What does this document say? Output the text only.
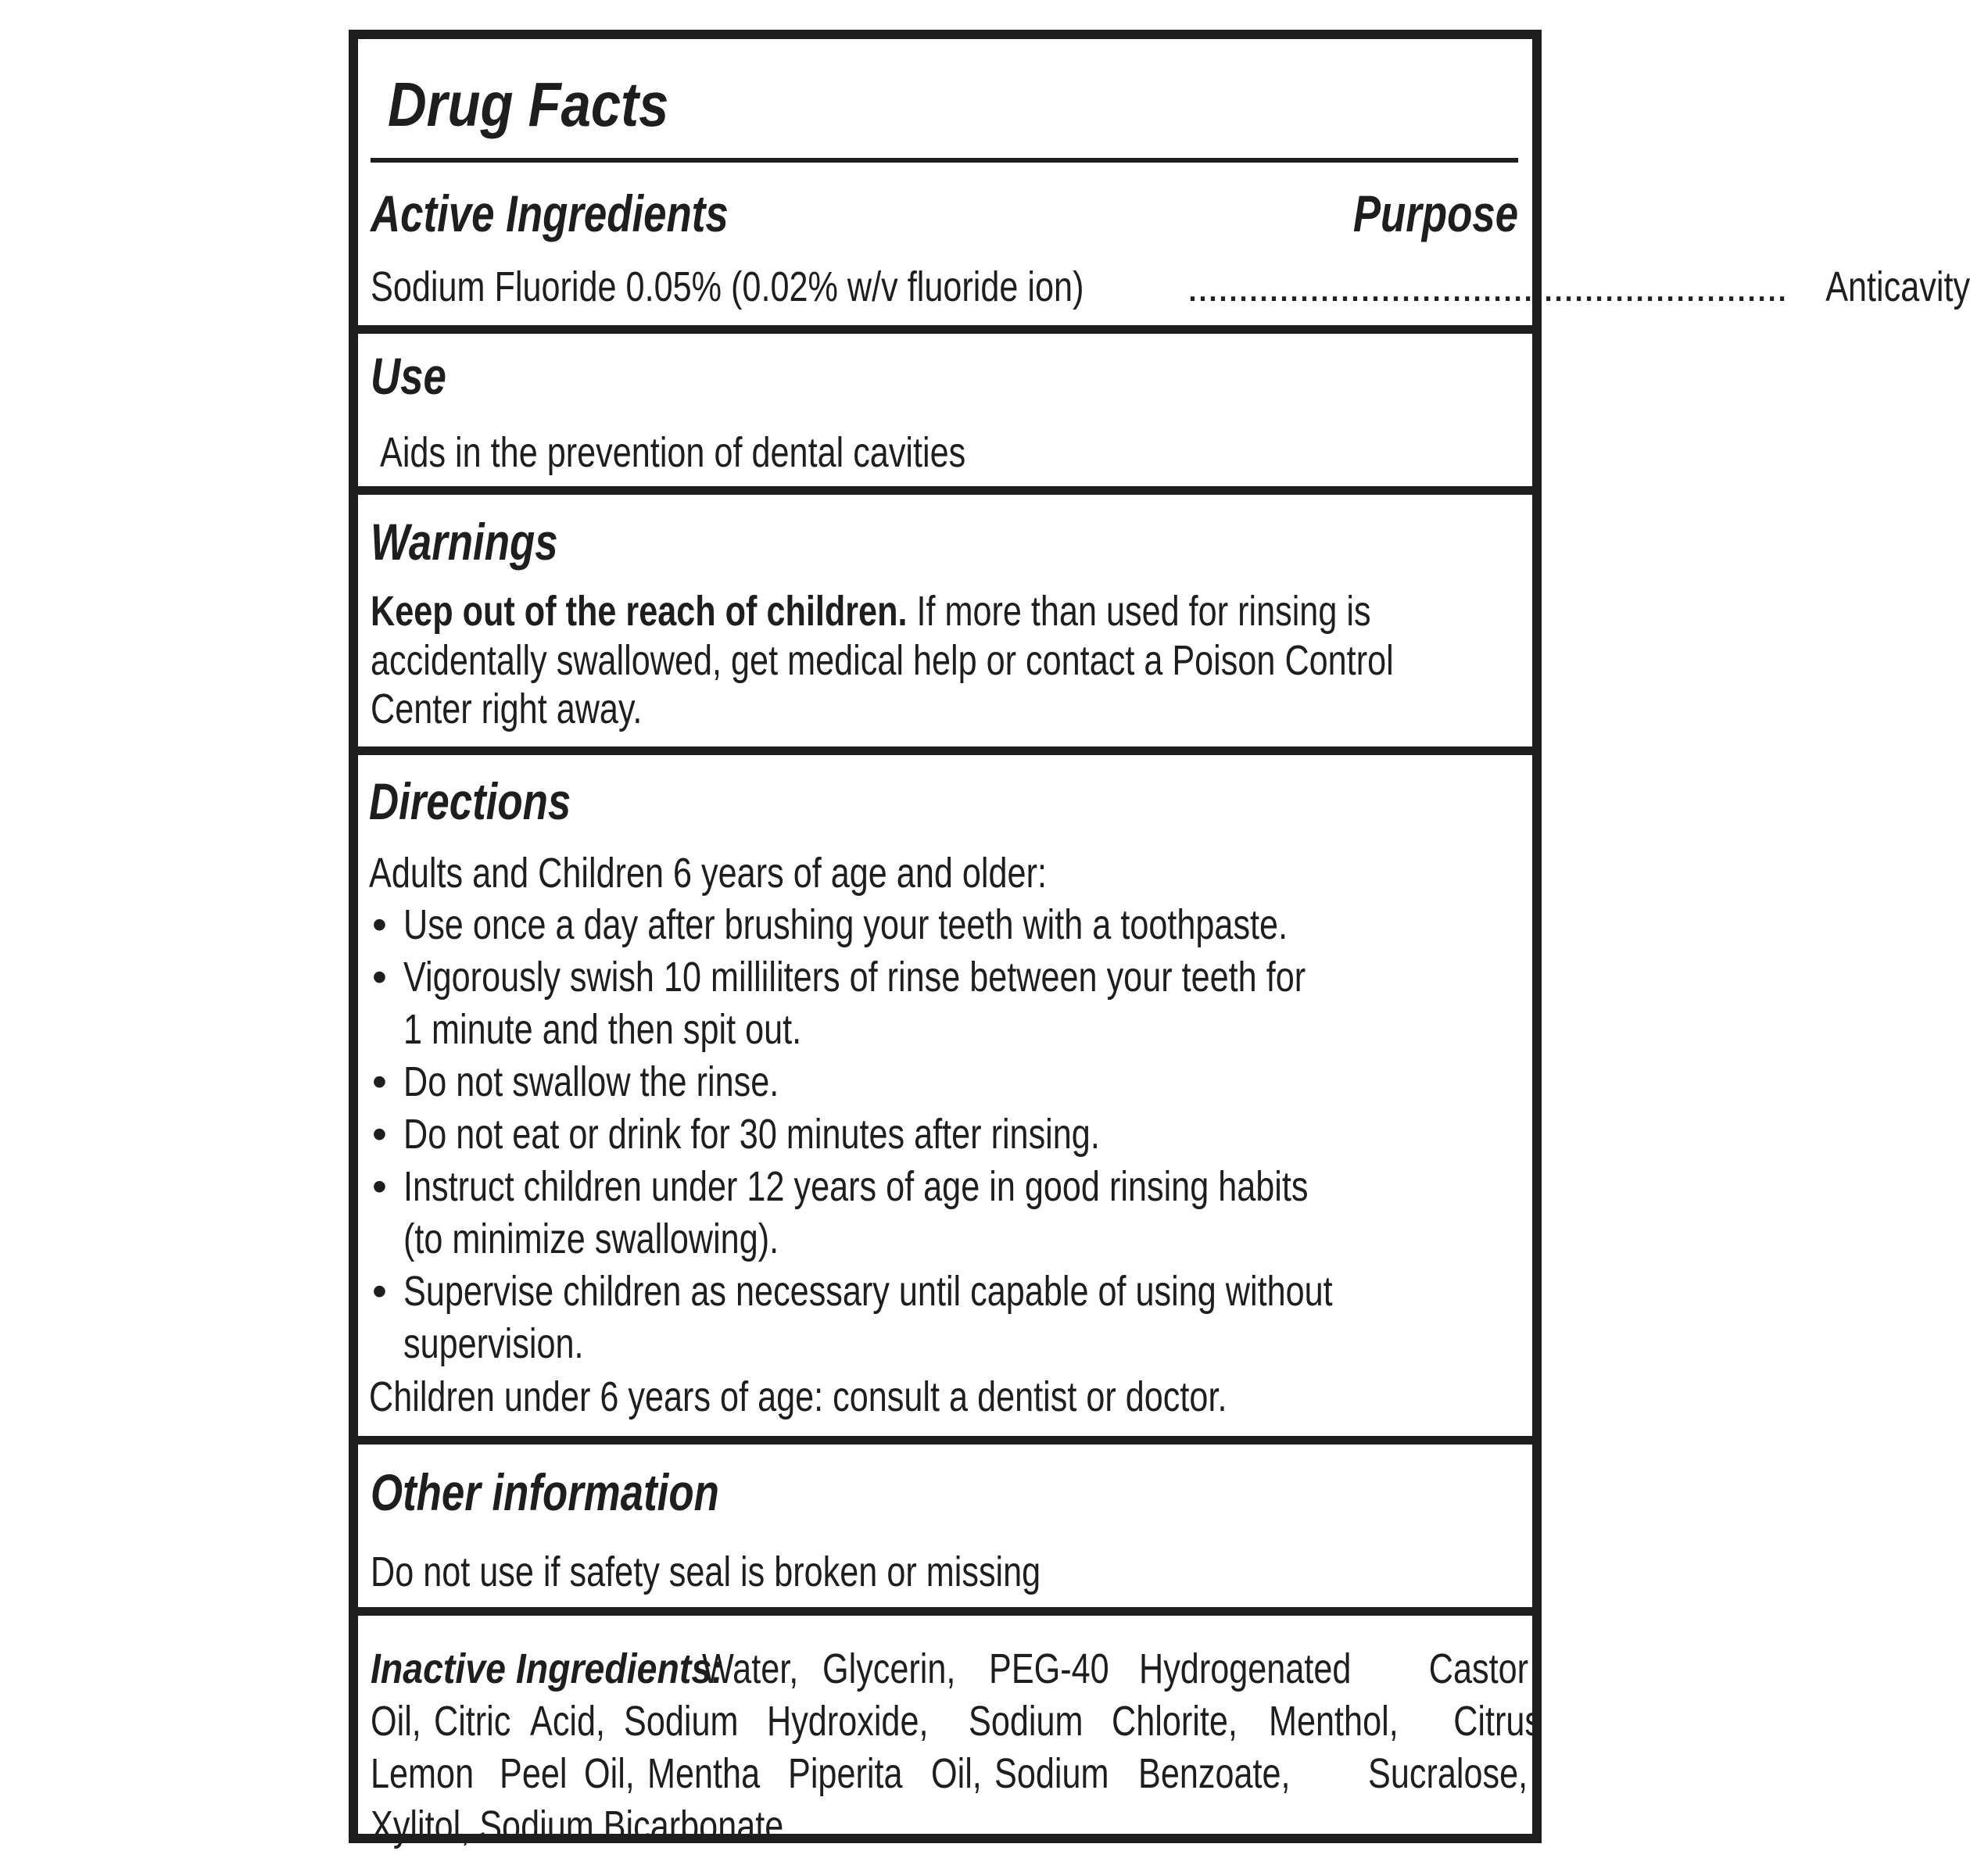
Drug Facts
Active Ingredients	Purpose
Sodium Fluoride 0.05% (0.02% w/v fluoride ion) ........................................................... Anticavity
Use
Aids in the prevention of dental cavities
Warnings
Keep out of the reach of children. If more than used for rinsing is
accidentally swallowed, get medical help or contact a Poison Control
Center right away.
Directions
Adults and Children 6 years of age and older:
• Use once a day after brushing your teeth with a toothpaste.
• Vigorously swish 10 milliliters of rinse between your teeth for
1 minute and then spit out.
• Do not swallow the rinse.
• Do not eat or drink for 30 minutes after rinsing.
• Instruct children under 12 years of age in good rinsing habits
(to minimize swallowing).
• Supervise children as necessary until capable of using without
supervision.
Children under 6 years of age: consult a dentist or doctor.
Other information
Do not use if safety seal is broken or missing
Inactive Ingredients:
Water, Glycerin, PEG-40 Hydrogenated Castor
Oil, Citric Acid, Sodium Hydroxide, Sodium Chlorite, Menthol, Citrus
Lemon Peel Oil, Mentha Piperita Oil, Sodium Benzoate, Sucralose,
Xylitol, Sodium Bicarbonate.
